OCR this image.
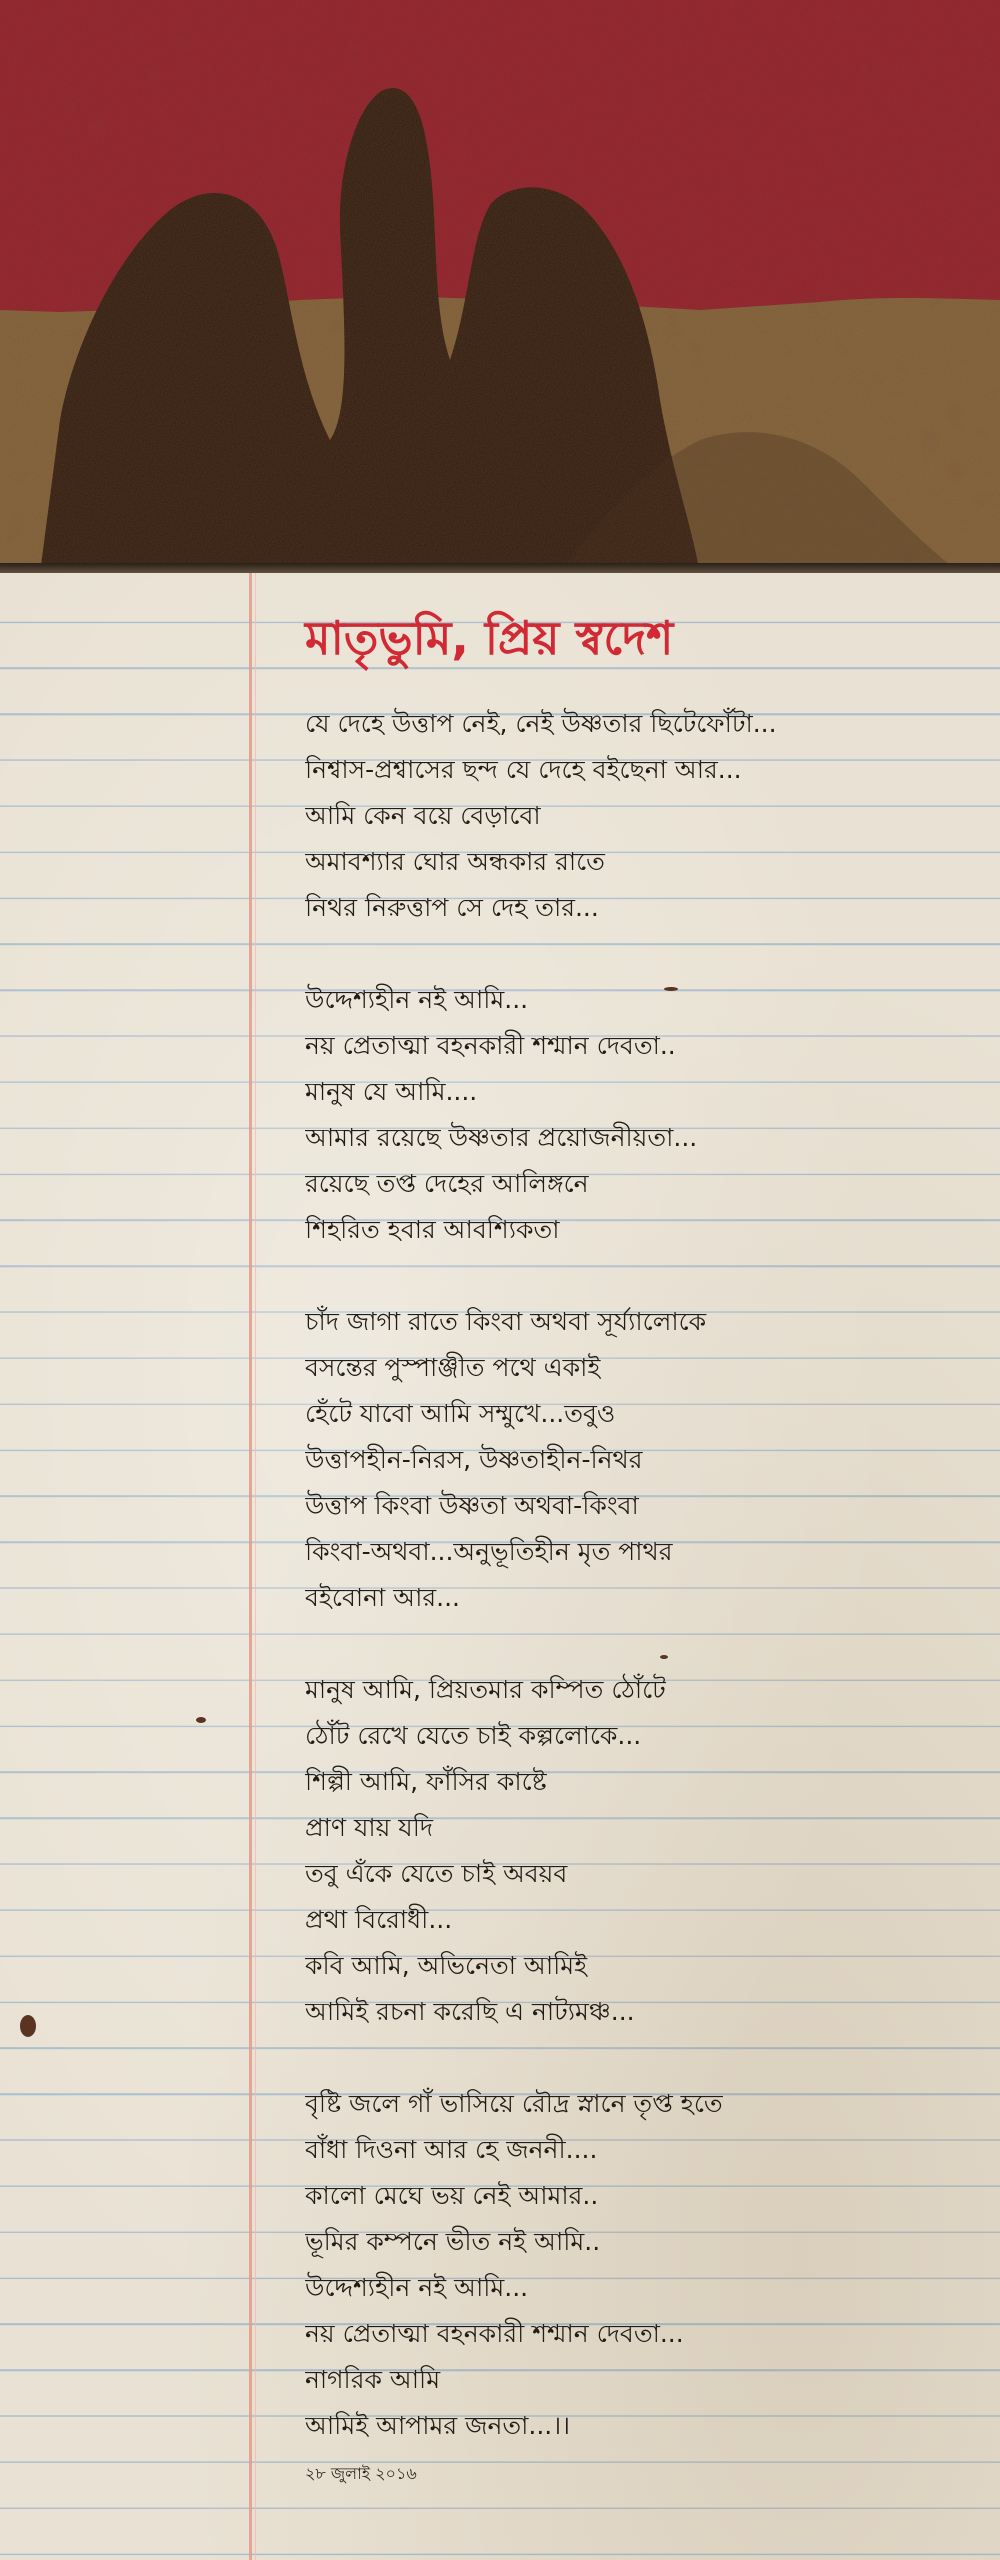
মাতৃভুমি, প্রিয় স্বদেশ
যে দেহে উত্তাপ নেই, নেই উষ্ণতার ছিটেফোঁটা...
নিশ্বাস-প্রশ্বাসের ছন্দ যে দেহে বইছেনা আর...
আমি কেন বয়ে বেড়াবো
অমাবশ্যার ঘোর অন্ধকার রাতে
নিথর নিরুত্তাপ সে দেহ তার...
উদ্দেশ্যহীন নই আমি...
নয় প্রেতাত্মা বহনকারী শশ্মান দেবতা..
মানুষ যে আমি....
আমার রয়েছে উষ্ণতার প্রয়োজনীয়তা...
রয়েছে তপ্ত দেহের আলিঙ্গনে
শিহরিত হবার আবশ্যিকতা
চাঁদ জাগা রাতে কিংবা অথবা সূর্য্যালোকে
বসন্তের পুস্পাঞ্জীত পথে একাই
হেঁটে যাবো আমি সম্মুখে...তবুও
উত্তাপহীন-নিরস, উষ্ণতাহীন-নিথর
উত্তাপ কিংবা উষ্ণতা অথবা-কিংবা
কিংবা-অথবা...অনুভূতিহীন মৃত পাথর
বইবোনা আর...
মানুষ আমি, প্রিয়তমার কম্পিত ঠোঁটে
ঠোঁট রেখে যেতে চাই কল্পলোকে...
শিল্পী আমি, ফাঁসির কাষ্টে
প্রাণ যায় যদি
তবু এঁকে যেতে চাই অবয়ব
প্রথা বিরোধী...
কবি আমি, অভিনেতা আমিই
আমিই রচনা করেছি এ নাট্যমঞ্চ...
বৃষ্টি জলে গাঁ ভাসিয়ে রৌদ্র স্নানে তৃপ্ত হতে
বাঁধা দিওনা আর হে জননী....
কালো মেঘে ভয় নেই আমার..
ভূমির কম্পনে ভীত নই আমি..
উদ্দেশ্যহীন নই আমি...
নয় প্রেতাত্মা বহনকারী শশ্মান দেবতা...
নাগরিক আমি
আমিই আপামর জনতা...।।
২৮ জুলাই ২০১৬
